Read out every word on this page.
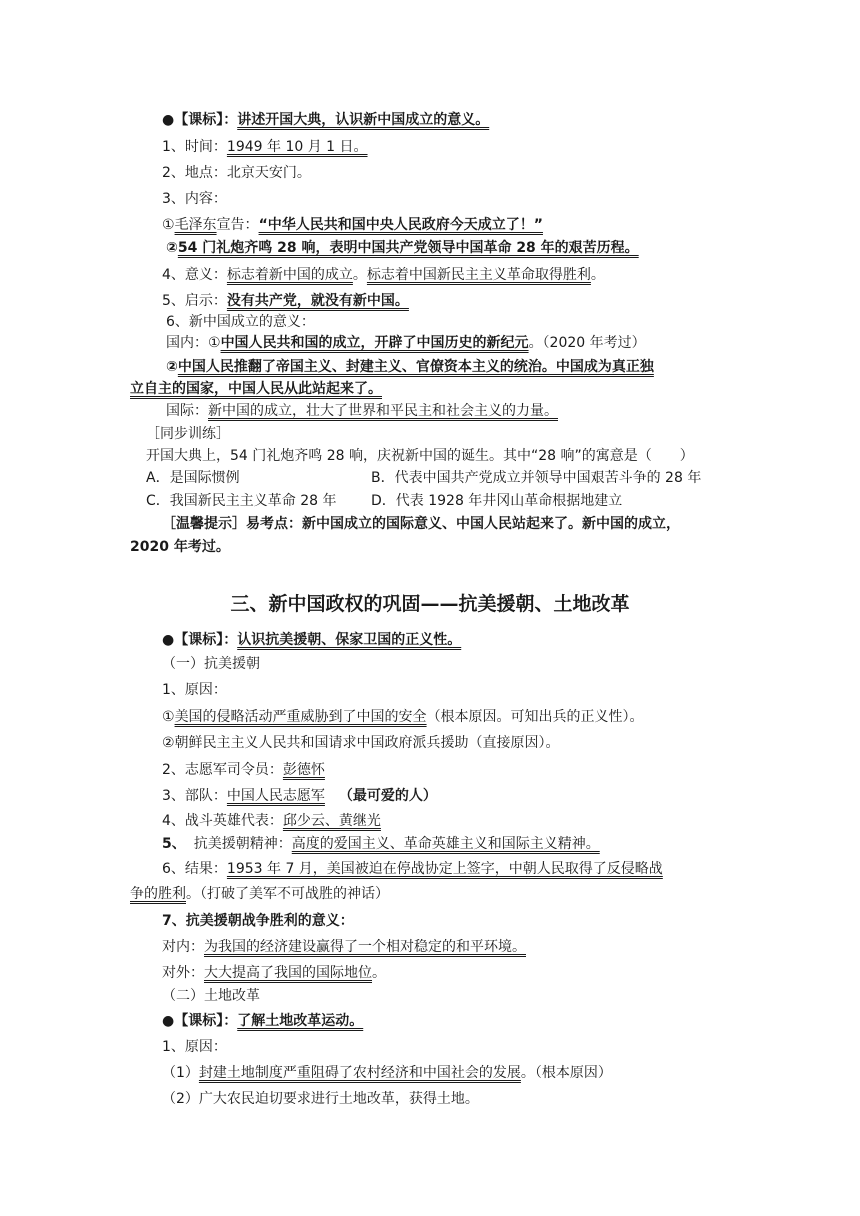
●【课标】：讲述开国大典，认识新中国成立的意义。
1、时间：1949 年 10 月 1 日。
2、地点：北京天安门。
3、内容：
①毛泽东宣告：“中华人民共和国中央人民政府今天成立了！”
②54 门礼炮齐鸣 28 响，表明中国共产党领导中国革命 28 年的艰苦历程。
4、意义：标志着新中国的成立。标志着中国新民主主义革命取得胜利。
5、启示：没有共产党，就没有新中国。
6、新中国成立的意义：
国内：①中国人民共和国的成立，开辟了中国历史的新纪元。（2020 年考过）
②中国人民推翻了帝国主义、封建主义、官僚资本主义的统治。中国成为真正独
立自主的国家，中国人民从此站起来了。
国际：新中国的成立，壮大了世界和平民主和社会主义的力量。
［同步训练］
开国大典上，54 门礼炮齐鸣 28 响，庆祝新中国的诞生。其中“28 响”的寓意是（　　）
A．是国际惯例	B．代表中国共产党成立并领导中国艰苦斗争的 28 年
C．我国新民主主义革命 28 年 D．代表 1928 年井冈山革命根据地建立
［温馨提示］易考点：新中国成立的国际意义、中国人民站起来了。新中国的成立，
2020 年考过。
三、新中国政权的巩固——抗美援朝、土地改革
●【课标】：认识抗美援朝、保家卫国的正义性。
（一）抗美援朝
1、原因：
①美国的侵略活动严重威胁到了中国的安全（根本原因。可知出兵的正义性）。
②朝鲜民主主义人民共和国请求中国政府派兵援助（直接原因）。
2、志愿军司令员：彭德怀
3、部队：中国人民志愿军 （最可爱的人）
4、战斗英雄代表：邱少云、黄继光
5、 抗美援朝精神：高度的爱国主义、革命英雄主义和国际主义精神。
6、结果：1953 年 7 月，美国被迫在停战协定上签字，中朝人民取得了反侵略战
争的胜利。（打破了美军不可战胜的神话）
7、抗美援朝战争胜利的意义：
对内：为我国的经济建设赢得了一个相对稳定的和平环境。
对外：大大提高了我国的国际地位。
（二）土地改革
●【课标】：了解土地改革运动。
1、原因：
（1）封建土地制度严重阻碍了农村经济和中国社会的发展。（根本原因）
（2）广大农民迫切要求进行土地改革，获得土地。
